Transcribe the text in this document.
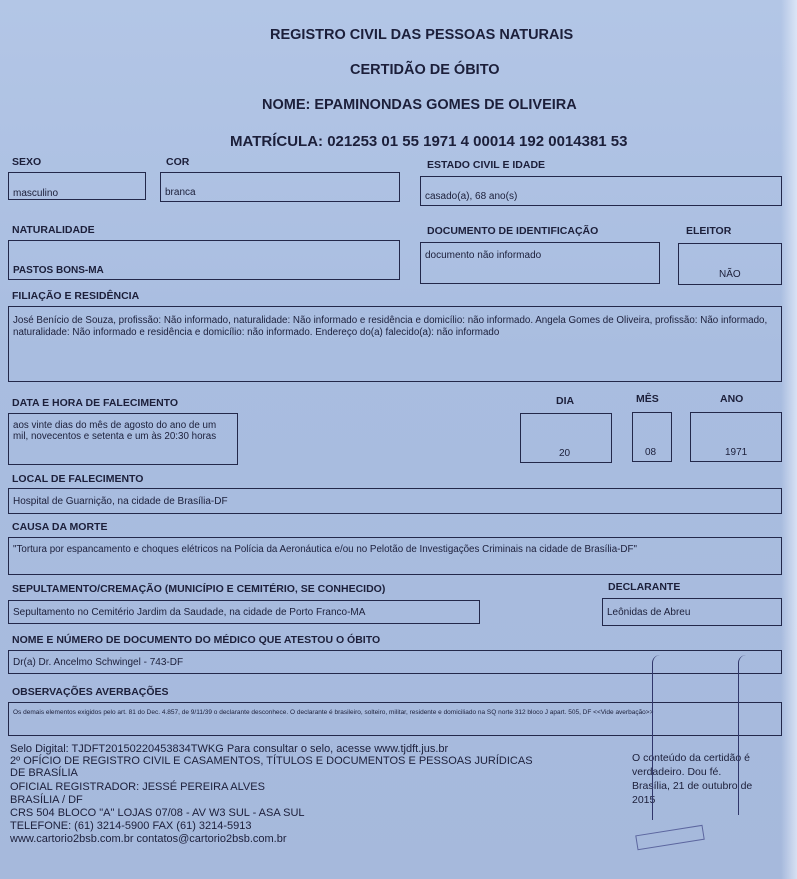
REGISTRO CIVIL DAS PESSOAS NATURAIS
CERTIDÃO DE ÓBITO
NOME: EPAMINONDAS GOMES DE OLIVEIRA
MATRÍCULA: 021253 01 55 1971 4 00014 192 0014381 53
SEXO
masculino
COR
branca
ESTADO CIVIL E IDADE
casado(a), 68 ano(s)
NATURALIDADE
PASTOS BONS-MA
DOCUMENTO DE IDENTIFICAÇÃO
documento não informado
ELEITOR
NÃO
FILIAÇÃO E RESIDÊNCIA
José Benício de Souza, profissão: Não informado, naturalidade: Não informado e residência e domicílio: não informado. Angela Gomes de Oliveira, profissão: Não informado, naturalidade: Não informado e residência e domicílio: não informado. Endereço do(a) falecido(a): não informado
DATA E HORA DE FALECIMENTO
aos vinte dias do mês de agosto do ano de um mil, novecentos e setenta e um às 20:30 horas
DIA
20
MÊS
08
ANO
1971
LOCAL DE FALECIMENTO
Hospital de Guarnição, na cidade de Brasília-DF
CAUSA DA MORTE
"Tortura por espancamento e choques elétricos na Polícia da Aeronáutica e/ou no Pelotão de Investigações Criminais na cidade de Brasília-DF"
SEPULTAMENTO/CREMAÇÃO (MUNICÍPIO E CEMITÉRIO, SE CONHECIDO)
Sepultamento no Cemitério Jardim da Saudade, na cidade de Porto Franco-MA
DECLARANTE
Leônidas de Abreu
NOME E NÚMERO DE DOCUMENTO DO MÉDICO QUE ATESTOU O ÓBITO
Dr(a) Dr. Ancelmo Schwingel - 743-DF
OBSERVAÇÕES AVERBAÇÕES
Os demais elementos exigidos pelo art. 81 do Dec. 4.857, de 9/11/39 o declarante desconhece. O declarante é brasileiro, solteiro, militar, residente e domiciliado na SQ norte 312 bloco J apart. 505, DF <<Vide averbação>>
Selo Digital: TJDFT20150220453834TWKG Para consultar o selo, acesse www.tjdft.jus.br
2º OFÍCIO DE REGISTRO CIVIL E CASAMENTOS, TÍTULOS E DOCUMENTOS E PESSOAS JURÍDICAS
DE BRASÍLIA
OFICIAL REGISTRADOR: JESSÉ PEREIRA ALVES
BRASÍLIA / DF
CRS 504 BLOCO "A" LOJAS 07/08 - AV W3 SUL - ASA SUL
TELEFONE: (61) 3214-5900 FAX (61) 3214-5913
www.cartorio2bsb.com.br contatos@cartorio2bsb.com.br
O conteúdo da certidão é
verdadeiro. Dou fé.
Brasília, 21 de outubro de
2015
